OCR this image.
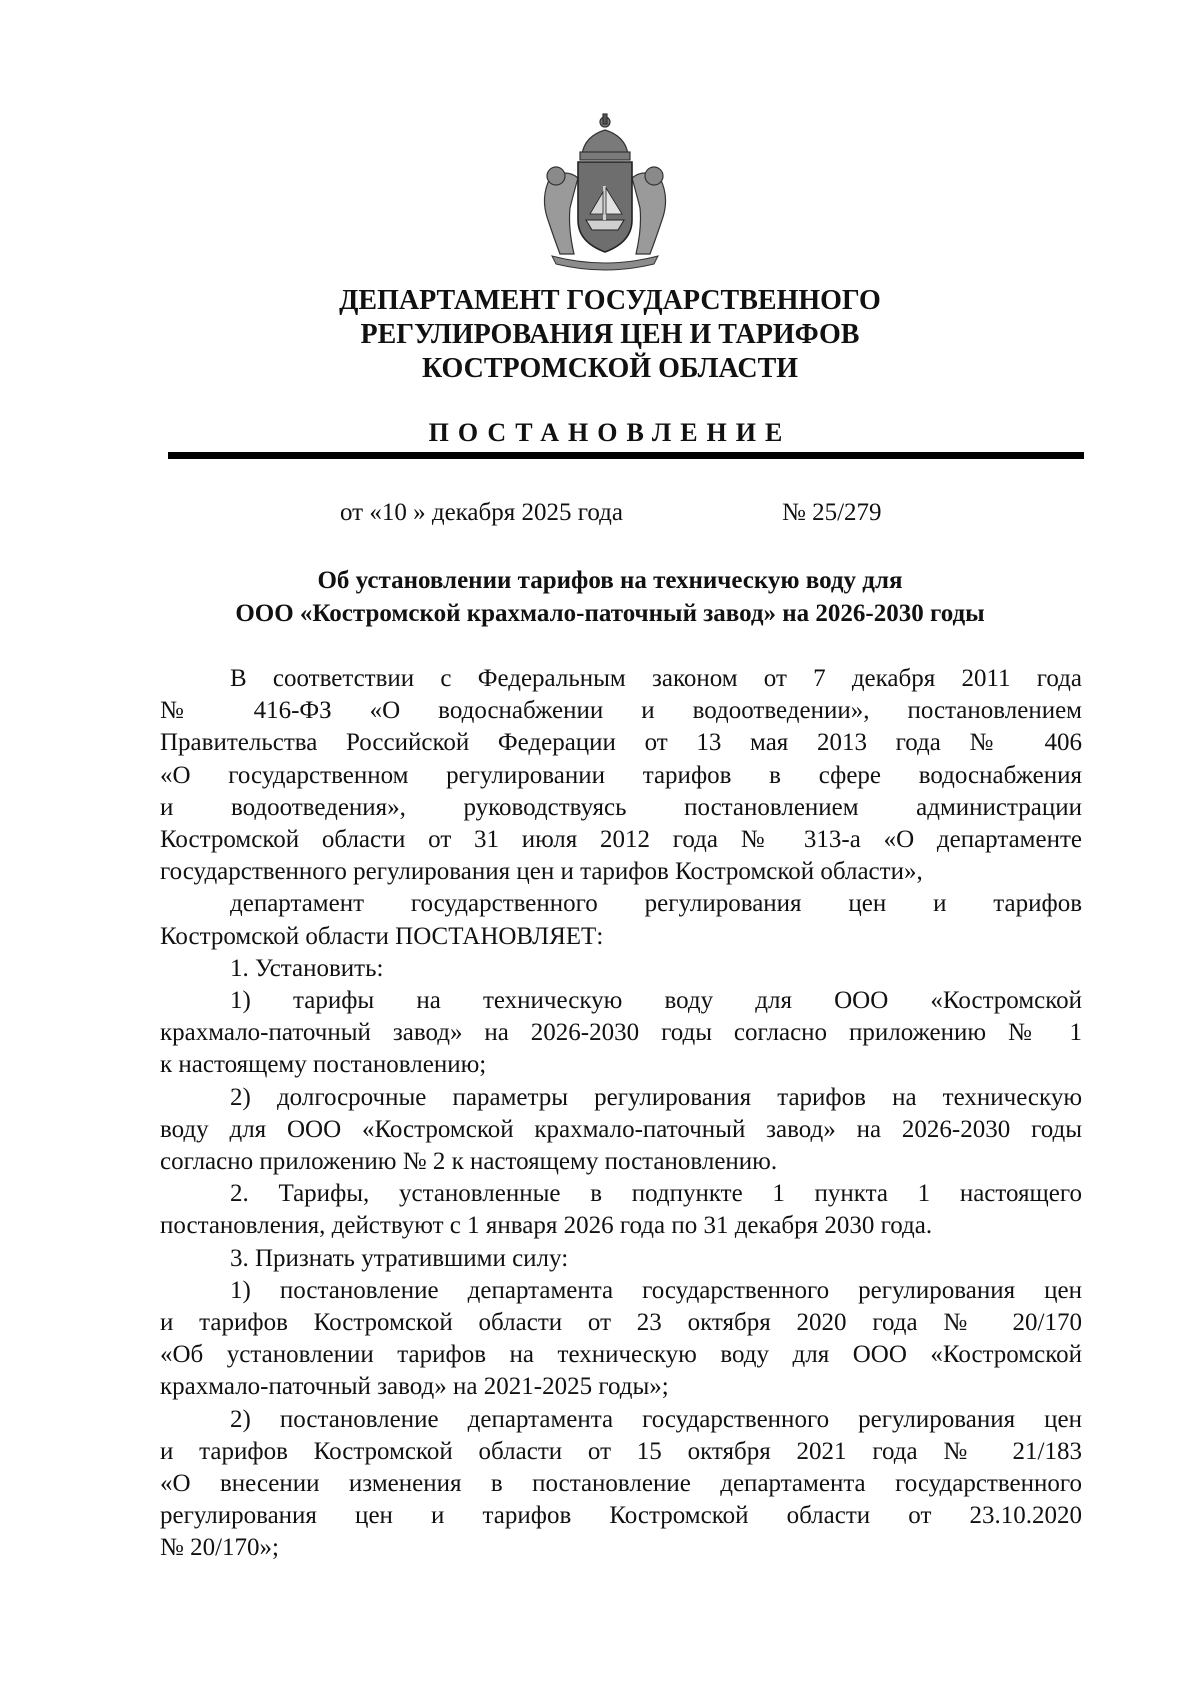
ДЕПАРТАМЕНТ ГОСУДАРСТВЕННОГО
РЕГУЛИРОВАНИЯ ЦЕН И ТАРИФОВ
КОСТРОМСКОЙ ОБЛАСТИ
ПОСТАНОВЛЕНИЕ
от «10 » декабря 2025 года	№ 25/279
Об установлении тарифов на техническую воду для
ООО «Костромской крахмало-паточный завод» на 2026-2030 годы
В соответствии с Федеральным законом от 7 декабря 2011 года
№ 416-ФЗ «О водоснабжении и водоотведении», постановлением
Правительства Российской Федерации от 13 мая 2013 года № 406
«О государственном регулировании тарифов в сфере водоснабжения
и водоотведения», руководствуясь постановлением администрации
Костромской области от 31 июля 2012 года № 313-а «О департаменте
государственного регулирования цен и тарифов Костромской области»,
департамент государственного регулирования цен и тарифов
Костромской области ПОСТАНОВЛЯЕТ:
1. Установить:
1) тарифы на техническую воду для ООО «Костромской
крахмало-паточный завод» на 2026-2030 годы согласно приложению № 1
к настоящему постановлению;
2) долгосрочные параметры регулирования тарифов на техническую
воду для ООО «Костромской крахмало-паточный завод» на 2026-2030 годы
согласно приложению № 2 к настоящему постановлению.
2. Тарифы, установленные в подпункте 1 пункта 1 настоящего
постановления, действуют с 1 января 2026 года по 31 декабря 2030 года.
3. Признать утратившими силу:
1) постановление департамента государственного регулирования цен
и тарифов Костромской области от 23 октября 2020 года № 20/170
«Об установлении тарифов на техническую воду для ООО «Костромской
крахмало-паточный завод» на 2021-2025 годы»;
2) постановление департамента государственного регулирования цен
и тарифов Костромской области от 15 октября 2021 года № 21/183
«О внесении изменения в постановление департамента государственного
регулирования цен и тарифов Костромской области от 23.10.2020
№ 20/170»;
